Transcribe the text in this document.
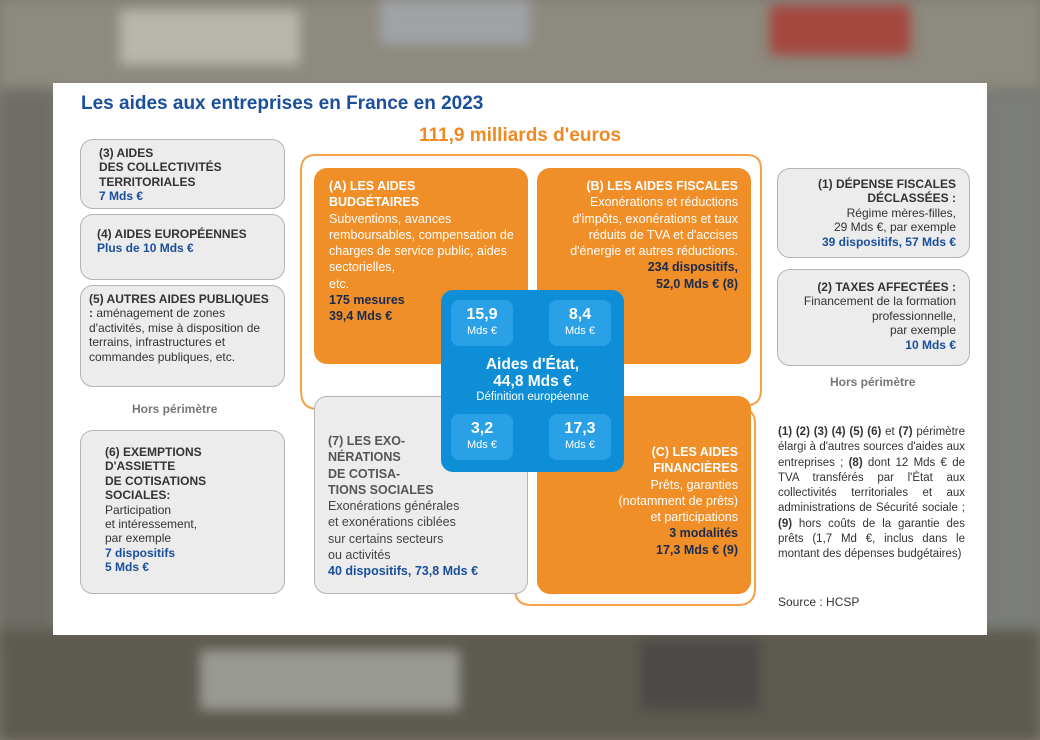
Les aides aux entreprises en France en 2023
111,9 milliards d'euros
(3) AIDES
DES COLLECTIVITÉS
TERRITORIALES
7 Mds €
(4) AIDES EUROPÉENNES
Plus de 10 Mds €
(5) AUTRES AIDES PUBLIQUES : aménagement de zones d'activités, mise à disposition de terrains, infrastructures et commandes publiques, etc.
Hors périmètre
(6) EXEMPTIONS
D'ASSIETTE
DE COTISATIONS
SOCIALES:
Participation
et intéressement,
par exemple
7 dispositifs
5 Mds €
(A) LES AIDES
BUDGÉTAIRES
Subventions, avances remboursables, compensation de charges de service public, aides sectorielles,
etc.
175 mesures
39,4 Mds €
(B) LES AIDES FISCALES
Exonérations et réductions d'impôts, exonérations et taux réduits de TVA et d'accises d'énergie et autres réductions.
234 dispositifs,
52,0 Mds € (8)
(7) LES EXO-
NÉRATIONS
DE COTISA-
TIONS SOCIALES
Exonérations générales
et exonérations ciblées
sur certains secteurs
ou activités
40 dispositifs, 73,8 Mds €
(C) LES AIDES
FINANCIÈRES
Prêts, garanties
(notamment de prêts)
et participations
3 modalités
17,3 Mds € (9)
15,9
Mds €
8,4
Mds €
Aides d'État,
44,8 Mds €
Définition européenne
3,2
Mds €
17,3
Mds €
(1) DÉPENSE FISCALES
DÉCLASSÉES :
Régime mères-filles,
29 Mds €, par exemple
39 dispositifs, 57 Mds €
(2) TAXES AFFECTÉES :
Financement de la formation
professionnelle,
par exemple
10 Mds €
Hors périmètre
(1) (2) (3) (4) (5) (6) et (7) périmètre élargi à d'autres sources d'aides aux entreprises ; (8) dont 12 Mds € de TVA transférés par l'État aux collectivités territoriales et aux administrations de Sécurité sociale ; (9) hors coûts de la garantie des prêts (1,7 Md €, inclus dans le montant des dépenses budgétaires)
Source : HCSP
